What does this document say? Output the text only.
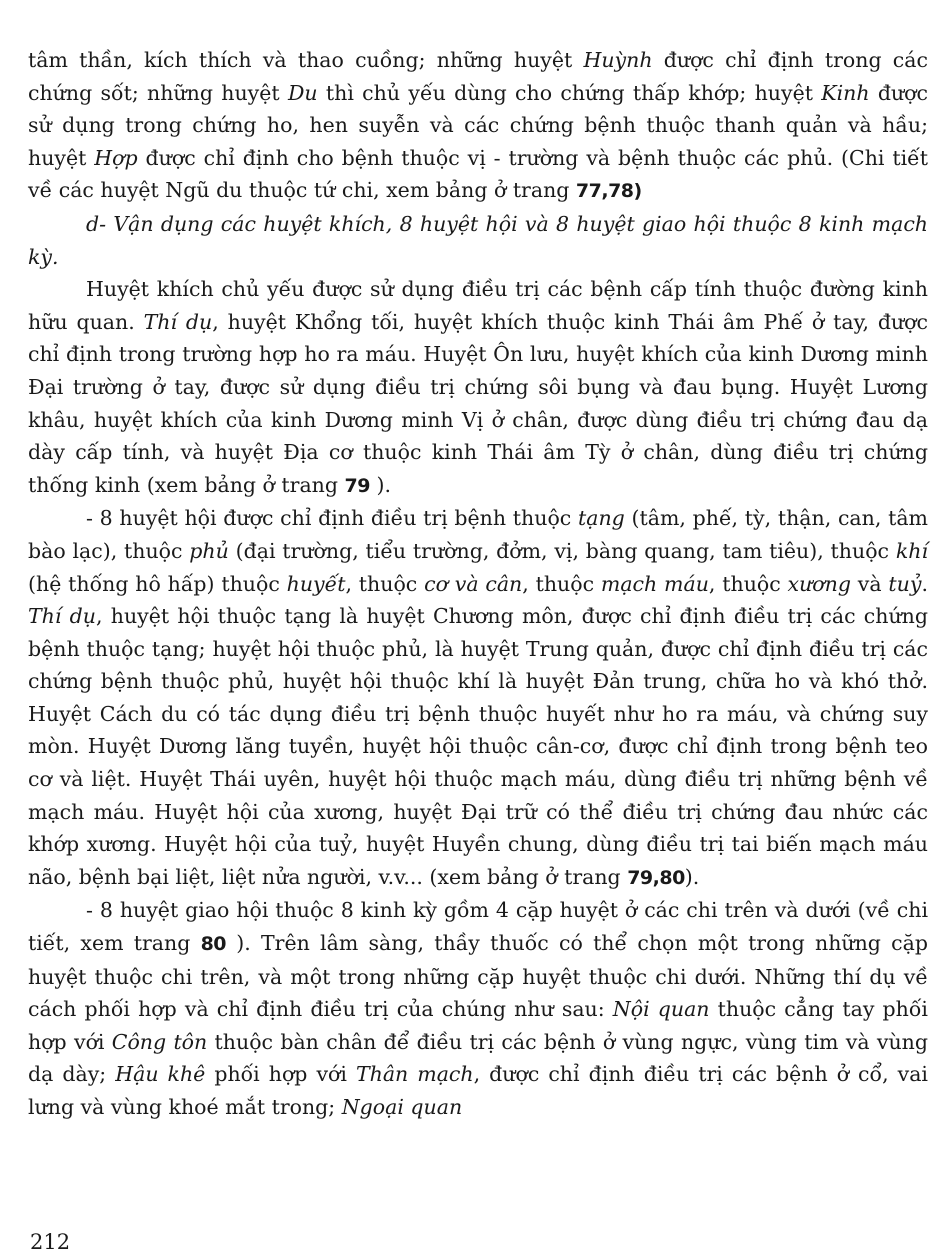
tâm thần, kích thích và thao cuồng; những huyệt Huỳnh được chỉ định trong các chứng sốt; những huyệt Du thì chủ yếu dùng cho chứng thấp khớp; huyệt Kinh được sử dụng trong chứng ho, hen suyễn và các chứng bệnh thuộc thanh quản và hầu; huyệt Hợp được chỉ định cho bệnh thuộc vị - trường và bệnh thuộc các phủ. (Chi tiết về các huyệt Ngũ du thuộc tứ chi, xem bảng ở trang 77,78)

d- Vận dụng các huyệt khích, 8 huyệt hội và 8 huyệt giao hội thuộc 8 kinh mạch kỳ.

Huyệt khích chủ yếu được sử dụng điều trị các bệnh cấp tính thuộc đường kinh hữu quan. Thí dụ, huyệt Khổng tối, huyệt khích thuộc kinh Thái âm Phế ở tay, được chỉ định trong trường hợp ho ra máu. Huyệt Ôn lưu, huyệt khích của kinh Dương minh Đại trường ở tay, được sử dụng điều trị chứng sôi bụng và đau bụng. Huyệt Lương khâu, huyệt khích của kinh Dương minh Vị ở chân, được dùng điều trị chứng đau dạ dày cấp tính, và huyệt Địa cơ thuộc kinh Thái âm Tỳ ở chân, dùng điều trị chứng thống kinh (xem bảng ở trang 79 ).

- 8 huyệt hội được chỉ định điều trị bệnh thuộc tạng (tâm, phế, tỳ, thận, can, tâm bào lạc), thuộc phủ (đại trường, tiểu trường, đởm, vị, bàng quang, tam tiêu), thuộc khí (hệ thống hô hấp) thuộc huyết, thuộc cơ và cân, thuộc mạch máu, thuộc xương và tuỷ. Thí dụ, huyệt hội thuộc tạng là huyệt Chương môn, được chỉ định điều trị các chứng bệnh thuộc tạng; huyệt hội thuộc phủ, là huyệt Trung quản, được chỉ định điều trị các chứng bệnh thuộc phủ, huyệt hội thuộc khí là huyệt Đản trung, chữa ho và khó thở. Huyệt Cách du có tác dụng điều trị bệnh thuộc huyết như ho ra máu, và chứng suy mòn. Huyệt Dương lăng tuyền, huyệt hội thuộc cân-cơ, được chỉ định trong bệnh teo cơ và liệt. Huyệt Thái uyên, huyệt hội thuộc mạch máu, dùng điều trị những bệnh về mạch máu. Huyệt hội của xương, huyệt Đại trữ có thể điều trị chứng đau nhức các khớp xương. Huyệt hội của tuỷ, huyệt Huyền chung, dùng điều trị tai biến mạch máu não, bệnh bại liệt, liệt nửa người, v.v... (xem bảng ở trang 79,80).

- 8 huyệt giao hội thuộc 8 kinh kỳ gồm 4 cặp huyệt ở các chi trên và dưới (về chi tiết, xem trang 80 ). Trên lâm sàng, thầy thuốc có thể chọn một trong những cặp huyệt thuộc chi trên, và một trong những cặp huyệt thuộc chi dưới. Những thí dụ về cách phối hợp và chỉ định điều trị của chúng như sau: Nội quan thuộc cẳng tay phối hợp với Công tôn thuộc bàn chân để điều trị các bệnh ở vùng ngực, vùng tim và vùng dạ dày; Hậu khê phối hợp với Thân mạch, được chỉ định điều trị các bệnh ở cổ, vai lưng và vùng khoé mắt trong; Ngoại quan

212
